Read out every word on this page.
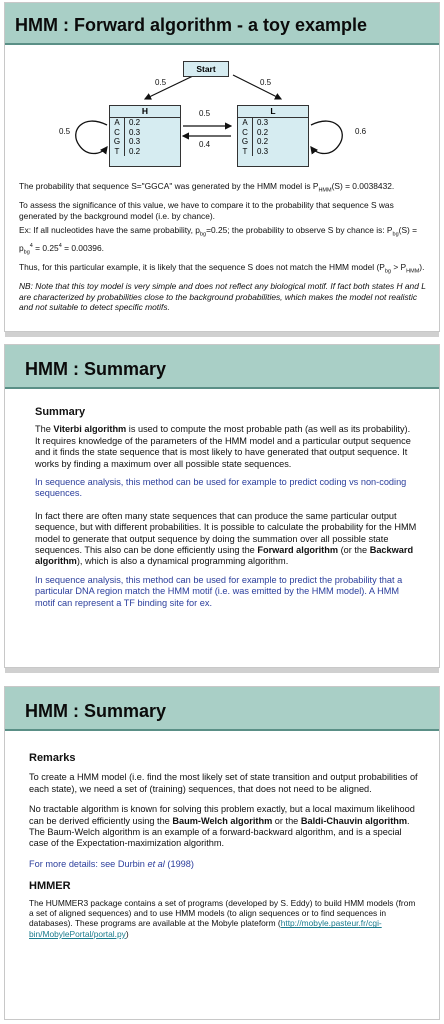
HMM : Forward algorithm - a toy example
Start
0.5	0.5
0.5
0.4
0.5	0.6
H
A	0.2
C	0.3
G	0.3
T	0.2
L
A	0.3
C	0.2
G	0.2
T	0.3

The probability that sequence S="GGCA" was generated by the HMM model is $P_{HMM}(S) = 0.0038432$.

To assess the significance of this value, we have to compare it to the probability that sequence S was generated by the background model (i.e. by chance).

Ex: If all nucleotides have the same probability, $p_{bg}=0.25$; the probability to observe S by chance is: $P_{bg}(S) = p_{bg}^4 = 0.25^4 = 0.00396$.

Thus, for this particular example, it is likely that the sequence S does not match the HMM model $(P_{bg} > P_{HMM})$.

NB: Note that this toy model is very simple and does not reflect any biological motif. If fact both states H and L are characterized by probabilities close to the background probabilities, which makes the model not realistic and not suitable to detect specific motifs.

HMM : Summary
Summary

The Viterbi algorithm is used to compute the most probable path (as well as its probability). It requires knowledge of the parameters of the HMM model and a particular output sequence and it finds the state sequence that is most likely to have generated that output sequence. It works by finding a maximum over all possible state sequences.

In sequence analysis, this method can be used for example to predict coding vs non-coding sequences.

In fact there are often many state sequences that can produce the same particular output sequence, but with different probabilities. It is possible to calculate the probability for the HMM model to generate that output sequence by doing the summation over all possible state sequences. This also can be done efficiently using the Forward algorithm (or the Backward algorithm), which is also a dynamical programming algorithm.

In sequence analysis, this method can be used for example to predict the probability that a particular DNA region match the HMM motif (i.e. was emitted by the HMM model). A HMM motif can represent a TF binding site for ex.

HMM : Summary
Remarks

To create a HMM model (i.e. find the most likely set of state transition and output probabilities of each state), we need a set of (training) sequences, that does not need to be aligned.

No tractable algorithm is known for solving this problem exactly, but a local maximum likelihood can be derived efficiently using the Baum-Welch algorithm or the Baldi-Chauvin algorithm. The Baum-Welch algorithm is an example of a forward-backward algorithm, and is a special case of the Expectation-maximization algorithm.

For more details: see Durbin et al (1998)

HMMER

The HUMMER3 package contains a set of programs (developed by S. Eddy) to build HMM models (from a set of aligned sequences) and to use HMM models (to align sequences or to find sequences in databases). These programs are available at the Mobyle plateform (http://mobyle.pasteur.fr/cgi-bin/MobylePortal/portal.py)
